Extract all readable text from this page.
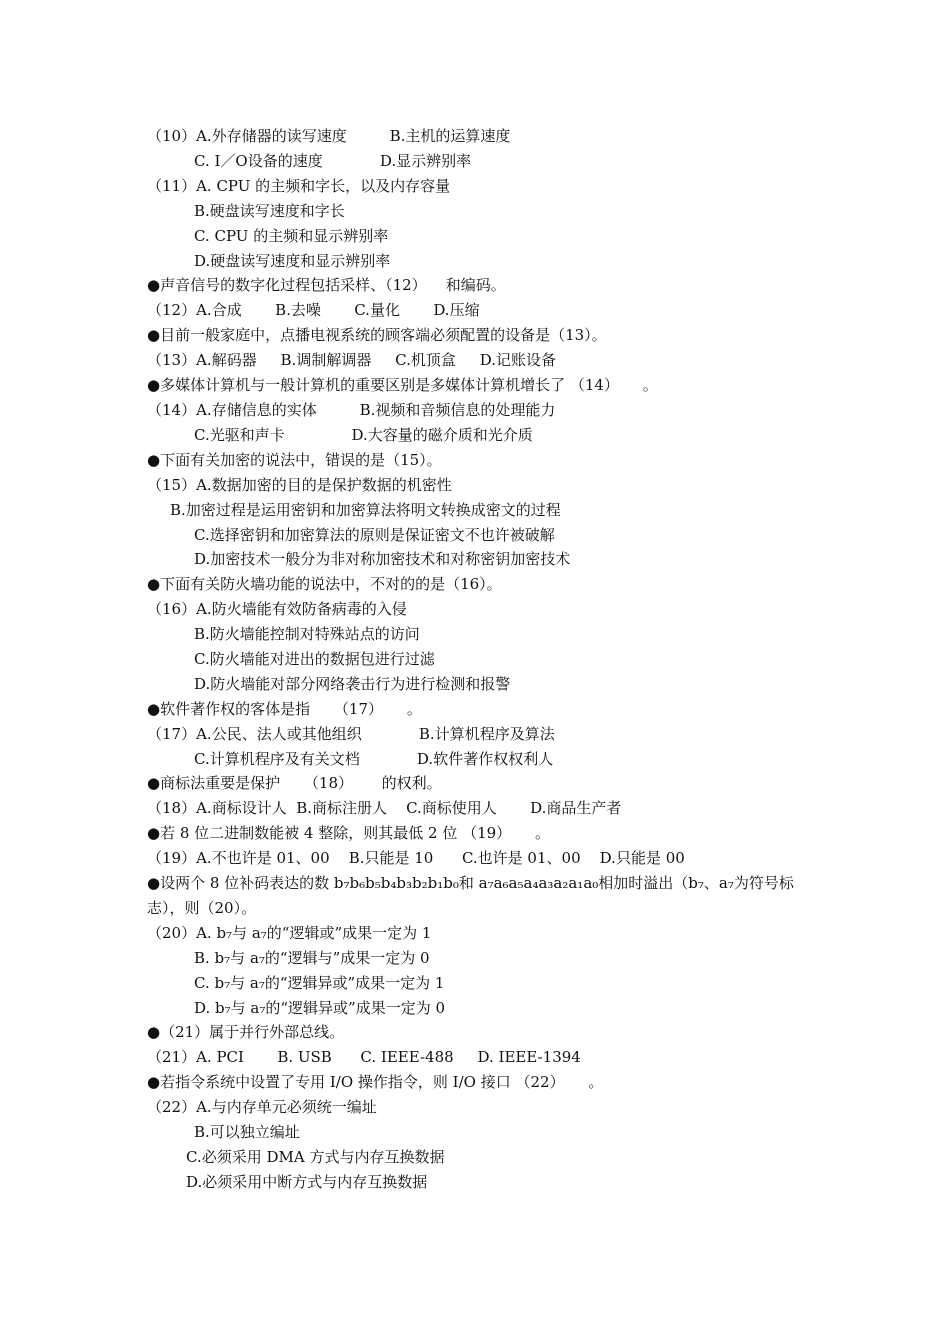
（10）A.外存储器的读写速度         B.主机的运算速度
C. I／O设备的速度            D.显示辨别率
（11）A. CPU 的主频和字长，以及内存容量
B.硬盘读写速度和字长
C. CPU 的主频和显示辨别率
D.硬盘读写速度和显示辨别率
●声音信号的数字化过程包括采样、（12）    和编码。
（12）A.合成       B.去噪       C.量化       D.压缩
●目前一般家庭中，点播电视系统的顾客端必须配置的设备是（13）。
（13）A.解码器     B.调制解调器     C.机顶盒     D.记账设备
●多媒体计算机与一般计算机的重要区别是多媒体计算机增长了 （14）     。
（14）A.存储信息的实体         B.视频和音频信息的处理能力
C.光驱和声卡              D.大容量的磁介质和光介质
●下面有关加密的说法中，错误的是（15）。
（15）A.数据加密的目的是保护数据的机密性
B.加密过程是运用密钥和加密算法将明文转换成密文的过程
C.选择密钥和加密算法的原则是保证密文不也许被破解
D.加密技术一般分为非对称加密技术和对称密钥加密技术
●下面有关防火墙功能的说法中，不对的的是（16）。
（16）A.防火墙能有效防备病毒的入侵
B.防火墙能控制对特殊站点的访问
C.防火墙能对进出的数据包进行过滤
D.防火墙能对部分网络袭击行为进行检测和报警
●软件著作权的客体是指     （17）     。
（17）A.公民、法人或其他组织            B.计算机程序及算法
C.计算机程序及有关文档            D.软件著作权权利人
●商标法重要是保护     （18）      的权利。
（18）A.商标设计人  B.商标注册人    C.商标使用人       D.商品生产者
●若 8 位二进制数能被 4 整除，则其最低 2 位 （19）     。
（19）A.不也许是 01、00    B.只能是 10      C.也许是 01、00    D.只能是 00
●设两个 8 位补码表达的数 b₇b₆b₅b₄b₃b₂b₁b₀和 a₇a₆a₅a₄a₃a₂a₁a₀相加时溢出（b₇、a₇为符号标
志），则（20）。
（20）A. b₇与 a₇的“逻辑或”成果一定为 1
B. b₇与 a₇的“逻辑与”成果一定为 0
C. b₇与 a₇的“逻辑异或”成果一定为 1
D. b₇与 a₇的“逻辑异或”成果一定为 0
●（21）属于并行外部总线。
（21）A. PCI       B. USB      C. IEEE-488     D. IEEE-1394
●若指令系统中设置了专用 I/O 操作指令，则 I/O 接口 （22）     。
（22）A.与内存单元必须统一编址
B.可以独立编址
C.必须采用 DMA 方式与内存互换数据
D.必须采用中断方式与内存互换数据
